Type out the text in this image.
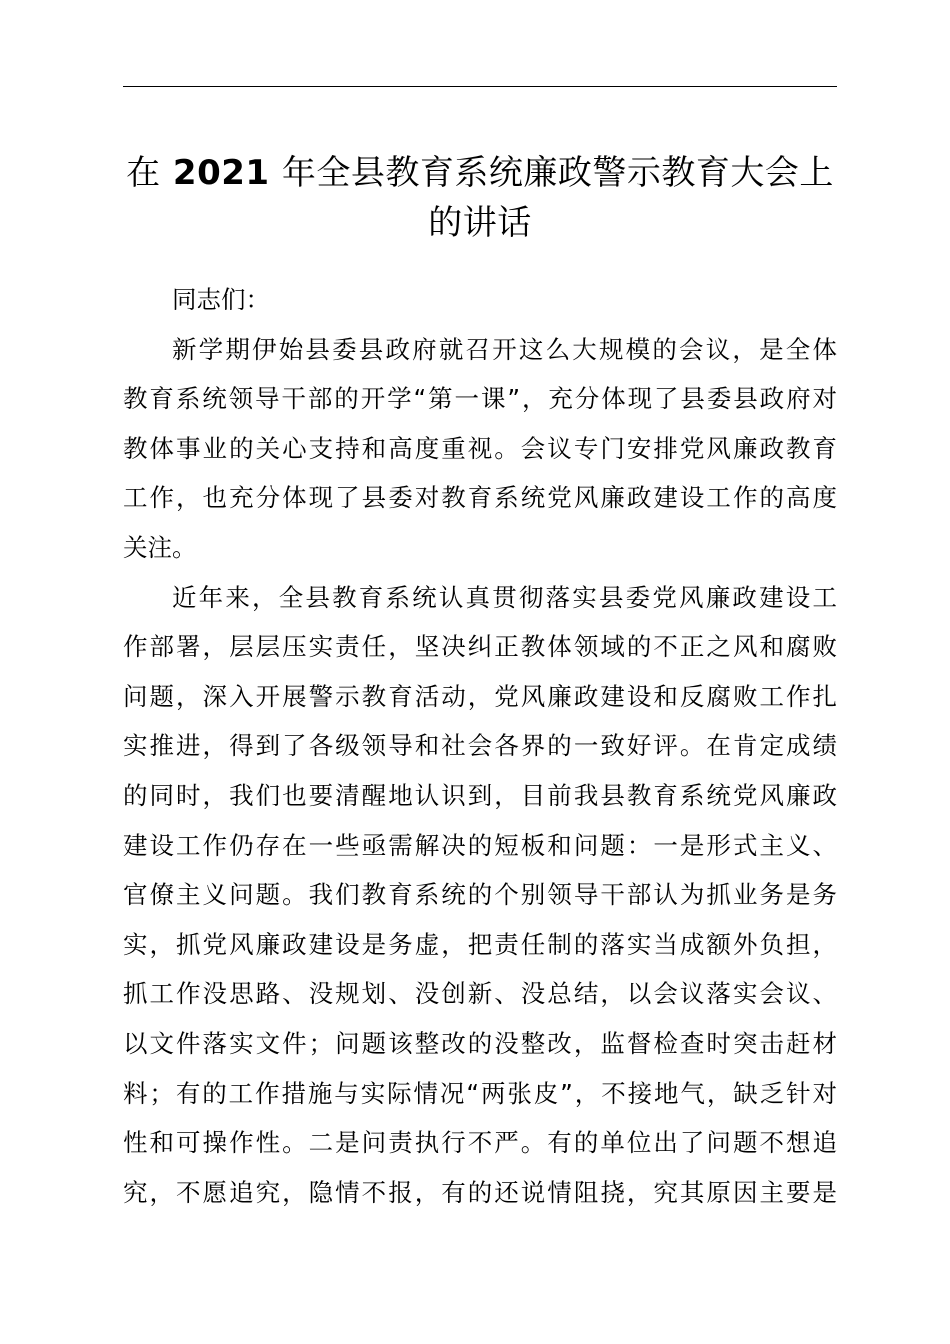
在 2021 年全县教育系统廉政警示教育大会上
的讲话
同志们：
新学期伊始县委县政府就召开这么大规模的会议，是全体
教育系统领导干部的开学“第一课”，充分体现了县委县政府对
教体事业的关心支持和高度重视。会议专门安排党风廉政教育
工作，也充分体现了县委对教育系统党风廉政建设工作的高度
关注。
近年来，全县教育系统认真贯彻落实县委党风廉政建设工
作部署，层层压实责任，坚决纠正教体领域的不正之风和腐败
问题，深入开展警示教育活动，党风廉政建设和反腐败工作扎
实推进，得到了各级领导和社会各界的一致好评。在肯定成绩
的同时，我们也要清醒地认识到，目前我县教育系统党风廉政
建设工作仍存在一些亟需解决的短板和问题：一是形式主义、
官僚主义问题。我们教育系统的个别领导干部认为抓业务是务
实，抓党风廉政建设是务虚，把责任制的落实当成额外负担，
抓工作没思路、没规划、没创新、没总结，以会议落实会议、
以文件落实文件；问题该整改的没整改，监督检查时突击赶材
料；有的工作措施与实际情况“两张皮”，不接地气，缺乏针对
性和可操作性。二是问责执行不严。有的单位出了问题不想追
究，不愿追究，隐情不报，有的还说情阻挠，究其原因主要是
